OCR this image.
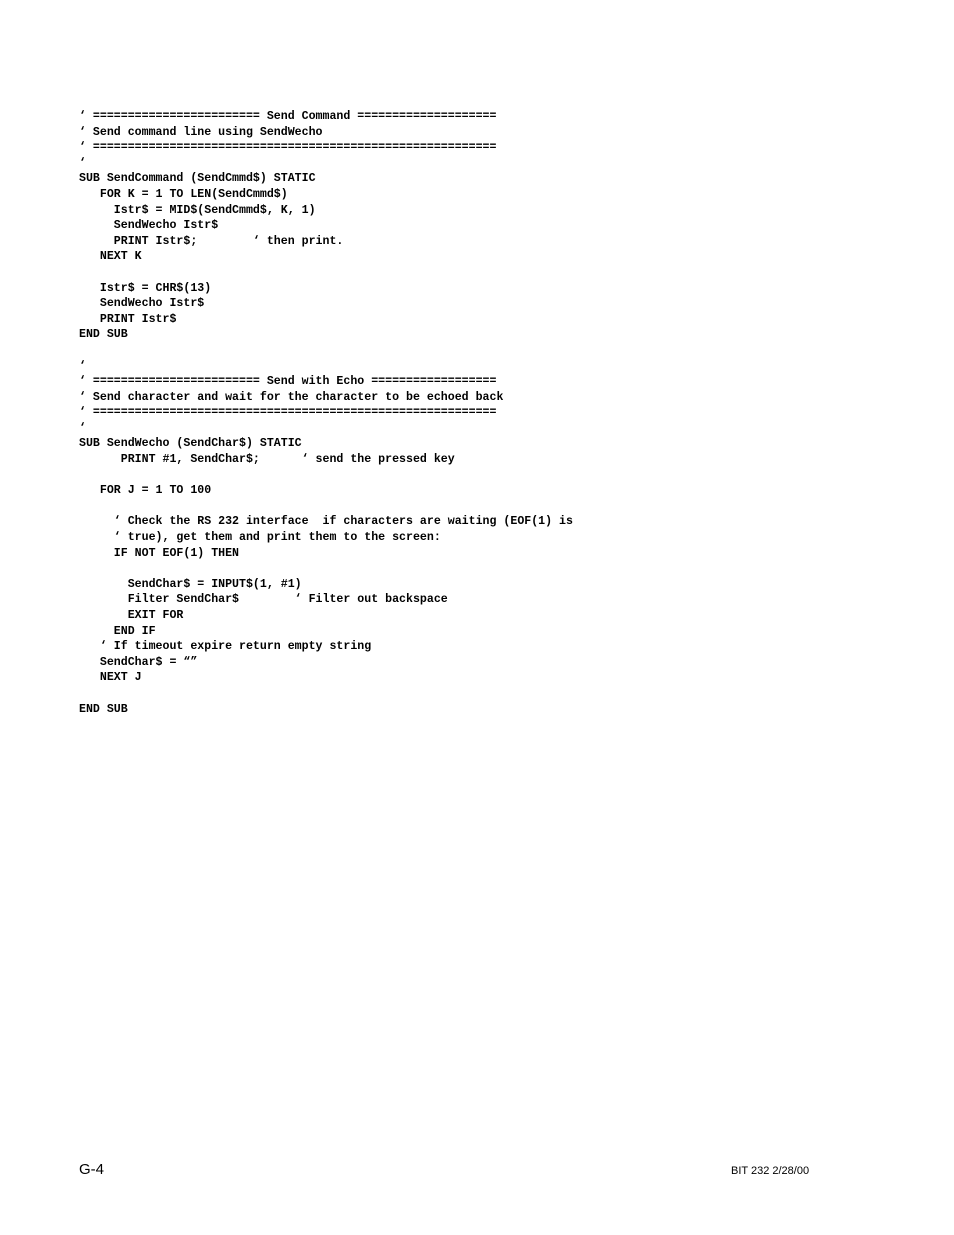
‘ ======================== Send Command ====================
‘ Send command line using SendWecho
‘ ==========================================================
‘
SUB SendCommand (SendCmmd$) STATIC
FOR K = 1 TO LEN(SendCmmd$)
Istr$ = MID$(SendCmmd$, K, 1)
SendWecho Istr$
PRINT Istr$;        ‘ then print.
NEXT K
Istr$ = CHR$(13)
SendWecho Istr$
PRINT Istr$
END SUB
‘
‘ ======================== Send with Echo ==================
‘ Send character and wait for the character to be echoed back
‘ ==========================================================
‘
SUB SendWecho (SendChar$) STATIC
PRINT #1, SendChar$;      ‘ send the pressed key
FOR J = 1 TO 100
‘ Check the RS 232 interface  if characters are waiting (EOF(1) is
‘ true), get them and print them to the screen:
IF NOT EOF(1) THEN
SendChar$ = INPUT$(1, #1)
Filter SendChar$        ‘ Filter out backspace
EXIT FOR
END IF
‘ If timeout expire return empty string
SendChar$ = “”
NEXT J
END SUB
G-4	BIT 232 2/28/00
